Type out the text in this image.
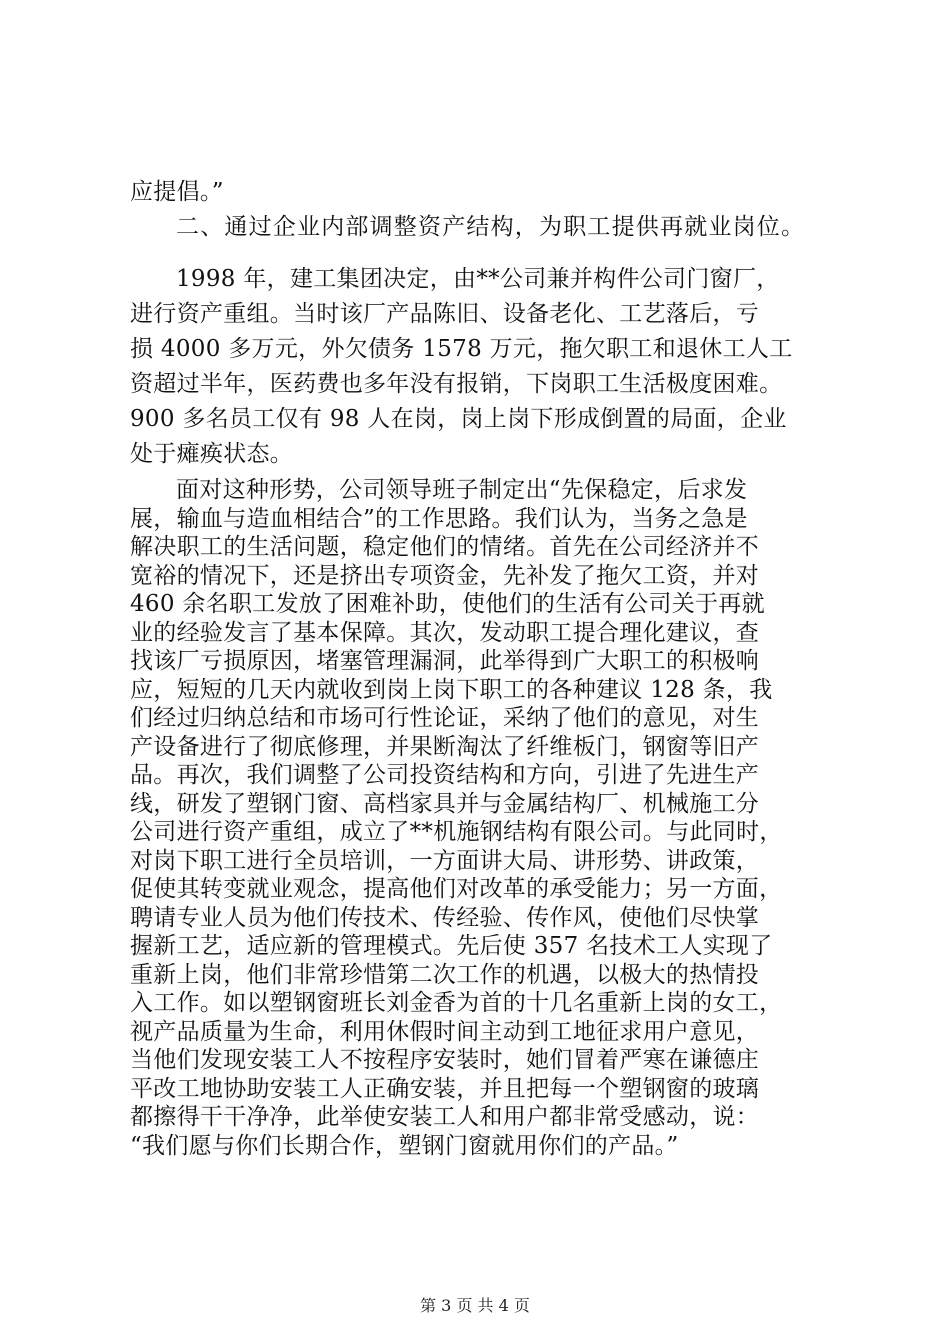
应提倡。”
二、通过企业内部调整资产结构，为职工提供再就业岗位。
1998 年，建工集团决定，由**公司兼并构件公司门窗厂，
进行资产重组。当时该厂产品陈旧、设备老化、工艺落后，亏
损 4000 多万元，外欠债务 1578 万元，拖欠职工和退休工人工
资超过半年，医药费也多年没有报销，下岗职工生活极度困难。
900 多名员工仅有 98 人在岗，岗上岗下形成倒置的局面，企业
处于瘫痪状态。
面对这种形势，公司领导班子制定出“先保稳定，后求发
展，输血与造血相结合”的工作思路。我们认为，当务之急是
解决职工的生活问题，稳定他们的情绪。首先在公司经济并不
宽裕的情况下，还是挤出专项资金，先补发了拖欠工资，并对
460 余名职工发放了困难补助，使他们的生活有公司关于再就
业的经验发言了基本保障。其次，发动职工提合理化建议，查
找该厂亏损原因，堵塞管理漏洞，此举得到广大职工的积极响
应，短短的几天内就收到岗上岗下职工的各种建议 128 条，我
们经过归纳总结和市场可行性论证，采纳了他们的意见，对生
产设备进行了彻底修理，并果断淘汰了纤维板门，钢窗等旧产
品。再次，我们调整了公司投资结构和方向，引进了先进生产
线，研发了塑钢门窗、高档家具并与金属结构厂、机械施工分
公司进行资产重组，成立了**机施钢结构有限公司。与此同时，
对岗下职工进行全员培训，一方面讲大局、讲形势、讲政策，
促使其转变就业观念，提高他们对改革的承受能力；另一方面，
聘请专业人员为他们传技术、传经验、传作风，使他们尽快掌
握新工艺，适应新的管理模式。先后使 357 名技术工人实现了
重新上岗，他们非常珍惜第二次工作的机遇，以极大的热情投
入工作。如以塑钢窗班长刘金香为首的十几名重新上岗的女工，
视产品质量为生命，利用休假时间主动到工地征求用户意见，
当他们发现安装工人不按程序安装时，她们冒着严寒在谦德庄
平改工地协助安装工人正确安装，并且把每一个塑钢窗的玻璃
都擦得干干净净，此举使安装工人和用户都非常受感动，说：
第 3 页 共 4 页
“我们愿与你们长期合作，塑钢门窗就用你们的产品。”
